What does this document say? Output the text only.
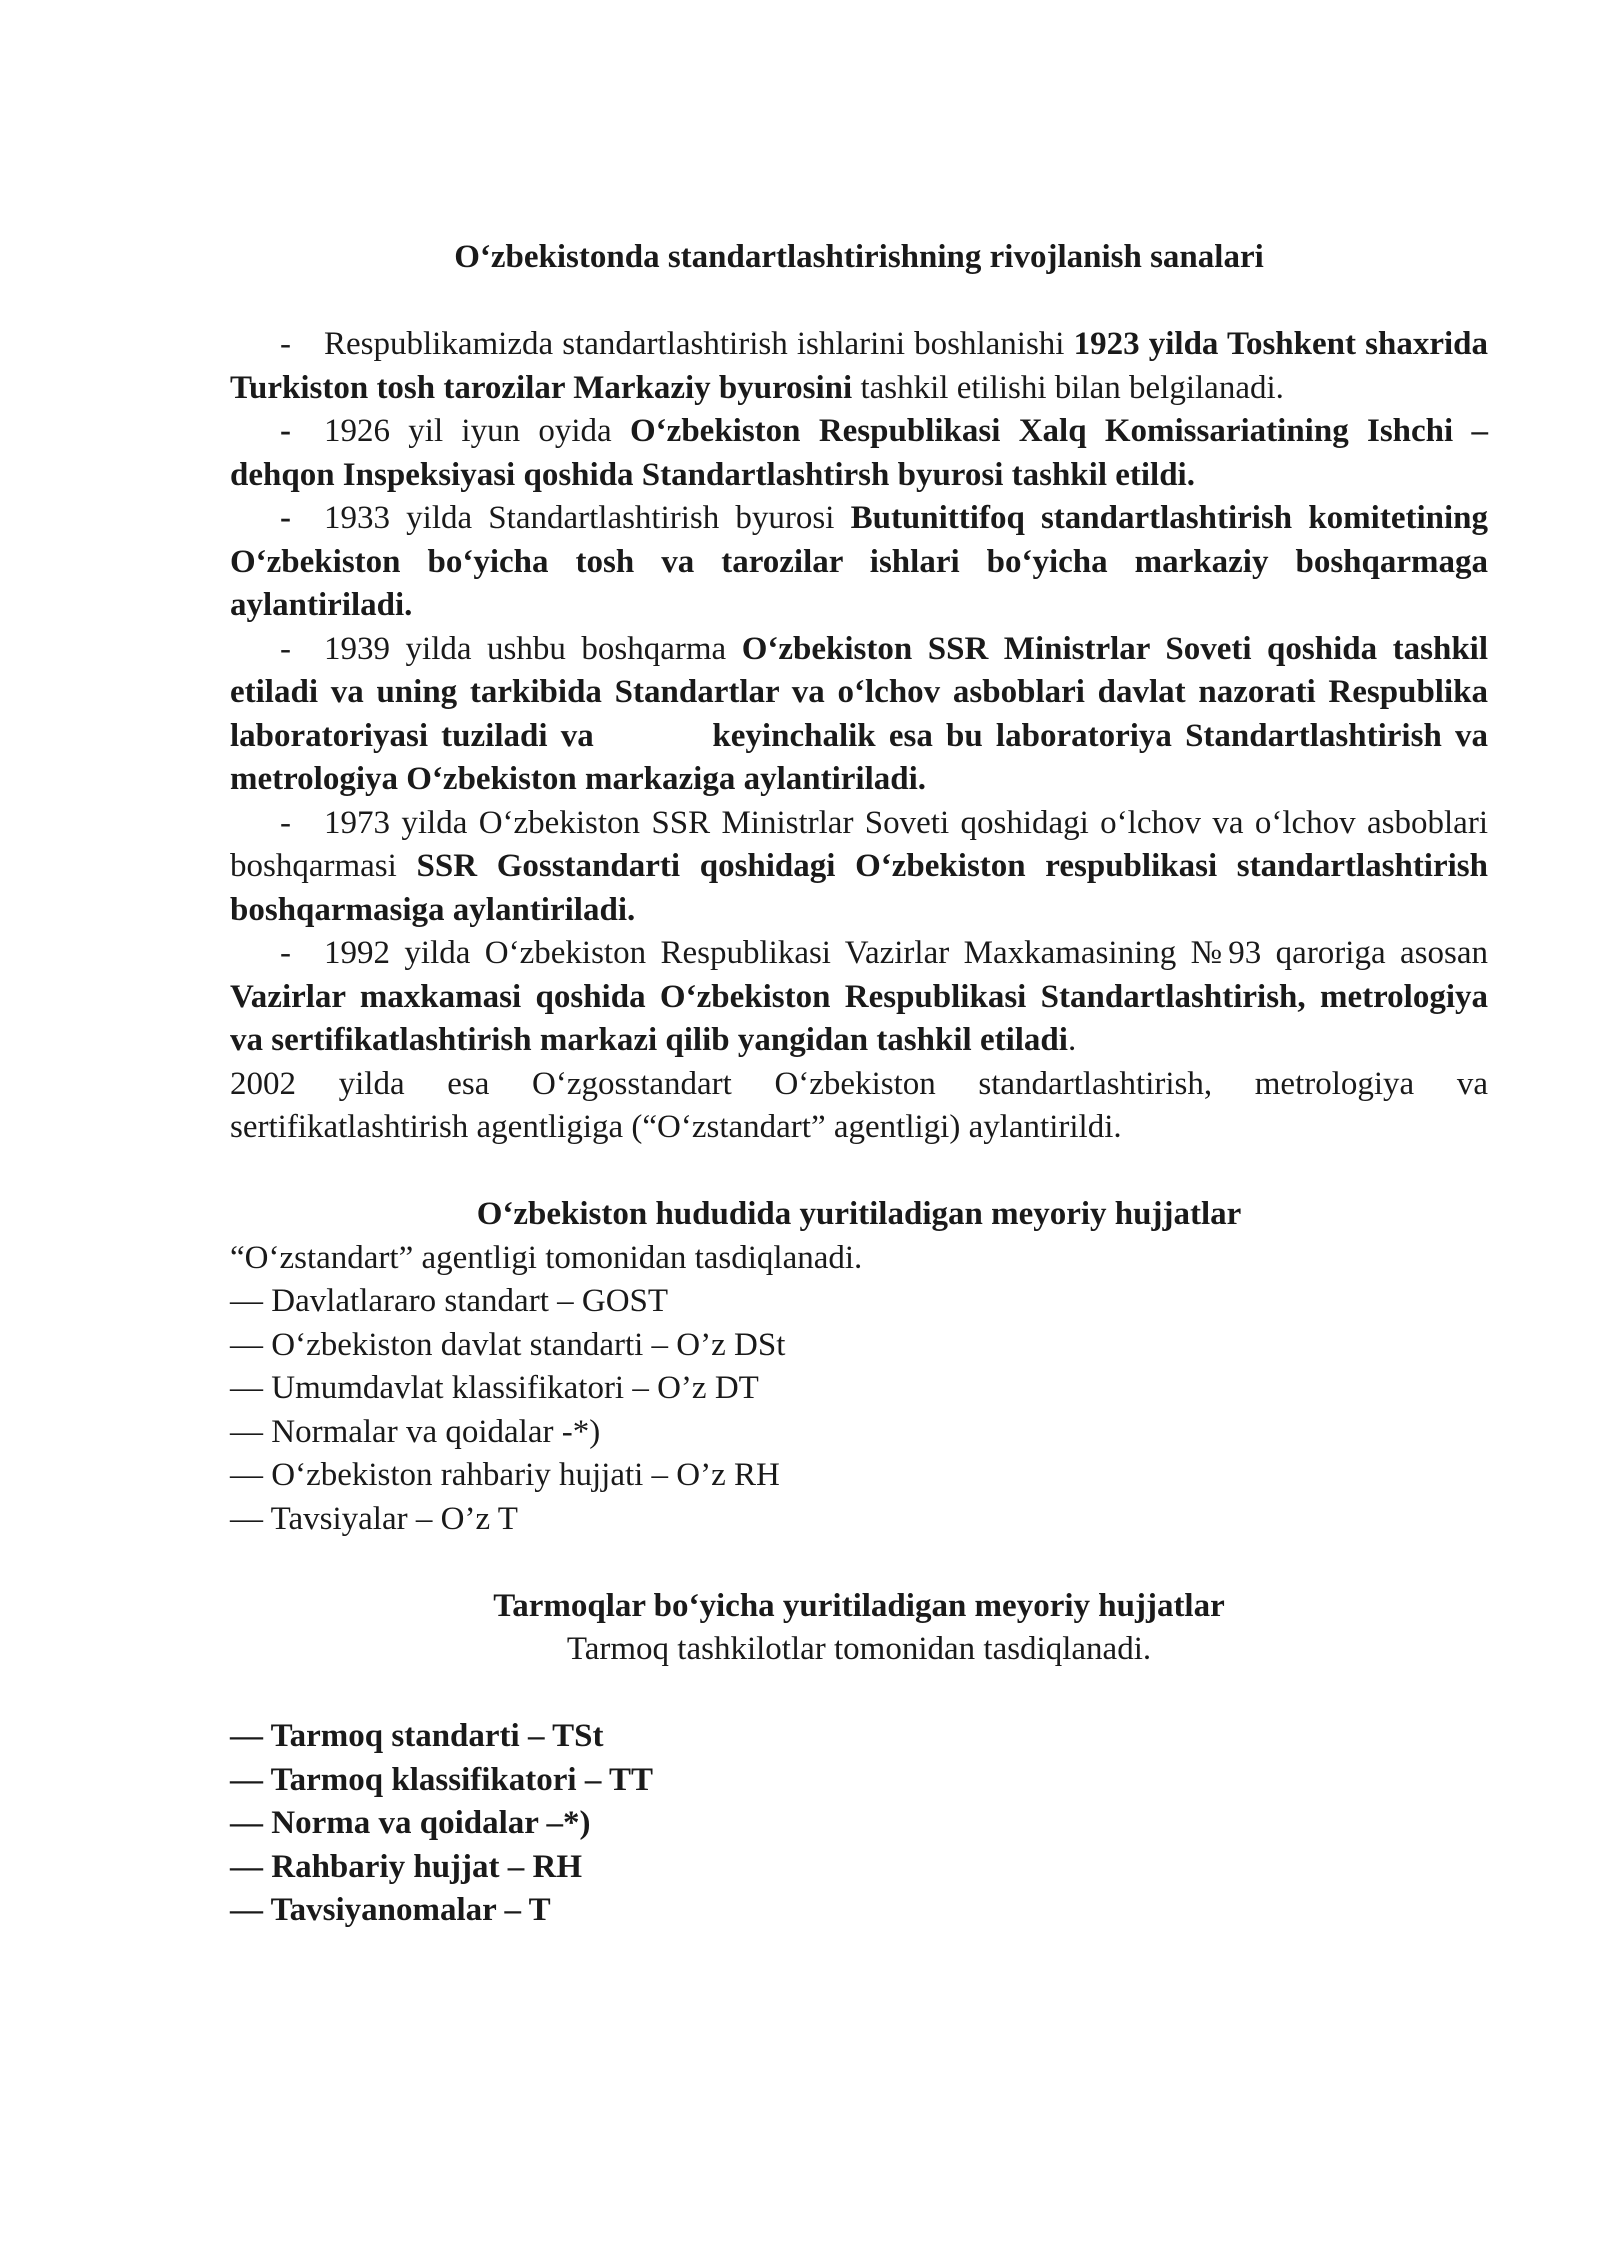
O‘zbekistonda standartlashtirishning rivojlanish sanalari

- Respublikamizda standartlashtirish ishlarini boshlanishi 1923 yilda Toshkent shaxrida Turkiston tosh tarozilar Markaziy byurosini tashkil etilishi bilan belgilanadi.

- 1926 yil iyun oyida O‘zbekiston Respublikasi Xalq Komissariatining Ishchi – dehqon Inspeksiyasi qoshida Standartlashtirsh byurosi tashkil etildi.

- 1933 yilda Standartlashtirish byurosi Butunittifoq standartlashtirish komitetining O‘zbekiston bo‘yicha tosh va tarozilar ishlari bo‘yicha markaziy boshqarmaga aylantiriladi.

- 1939 yilda ushbu boshqarma O‘zbekiston SSR Ministrlar Soveti qoshida tashkil etiladi va uning tarkibida Standartlar va o‘lchov asboblari davlat nazorati Respublika laboratoriyasi tuziladi va         keyinchalik esa bu laboratoriya Standartlashtirish va metrologiya O‘zbekiston markaziga aylantiriladi.

- 1973 yilda O‘zbekiston SSR Ministrlar Soveti qoshidagi o‘lchov va o‘lchov asboblari boshqarmasi SSR Gosstandarti qoshidagi O‘zbekiston respublikasi standartlashtirish boshqarmasiga aylantiriladi.

- 1992 yilda O‘zbekiston Respublikasi Vazirlar Maxkamasining №93 qaroriga asosan Vazirlar maxkamasi qoshida O‘zbekiston Respublikasi Standartlashtirish, metrologiya va sertifikatlashtirish markazi qilib yangidan tashkil etiladi.

2002 yilda esa O‘zgosstandart O‘zbekiston standartlashtirish, metrologiya va sertifikatlashtirish agentligiga (“O‘zstandart” agentligi) aylantirildi.

O‘zbekiston hududida yuritiladigan meyoriy hujjatlar

“O‘zstandart” agentligi tomonidan tasdiqlanadi.

— Davlatlararo standart – GOST

— O‘zbekiston davlat standarti – O’z DSt

— Umumdavlat klassifikatori – O’z DT

— Normalar va qoidalar -*)

— O‘zbekiston rahbariy hujjati – O’z RH

— Tavsiyalar – O’z T

Tarmoqlar bo‘yicha yuritiladigan meyoriy hujjatlar

Tarmoq tashkilotlar tomonidan tasdiqlanadi.

— Tarmoq standarti – TSt

— Tarmoq klassifikatori – TT

— Norma va qoidalar –*)

— Rahbariy hujjat – RH

— Tavsiyanomalar – T
